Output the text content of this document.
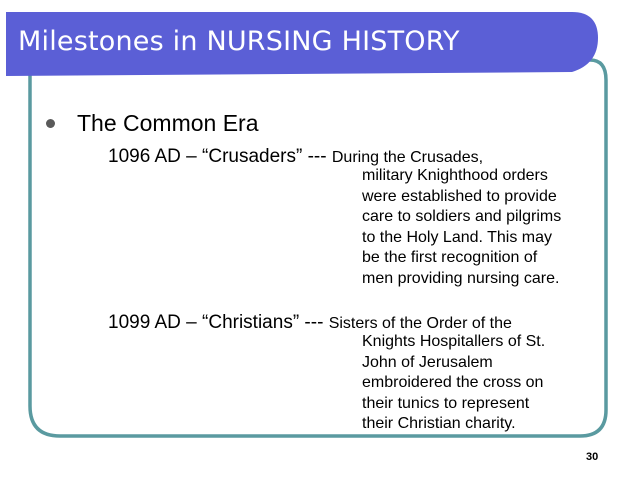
Milestones in NURSING HISTORY
The Common Era
1096 AD – “Crusaders” --- During the Crusades,
military Knighthood orders
were established to provide
care to soldiers and pilgrims
to the Holy Land. This may
be the first recognition of
men providing nursing care.
1099 AD – “Christians” --- Sisters of the Order of the
Knights Hospitallers of St.
John of Jerusalem
embroidered the cross on
their tunics to represent
their Christian charity.
30
